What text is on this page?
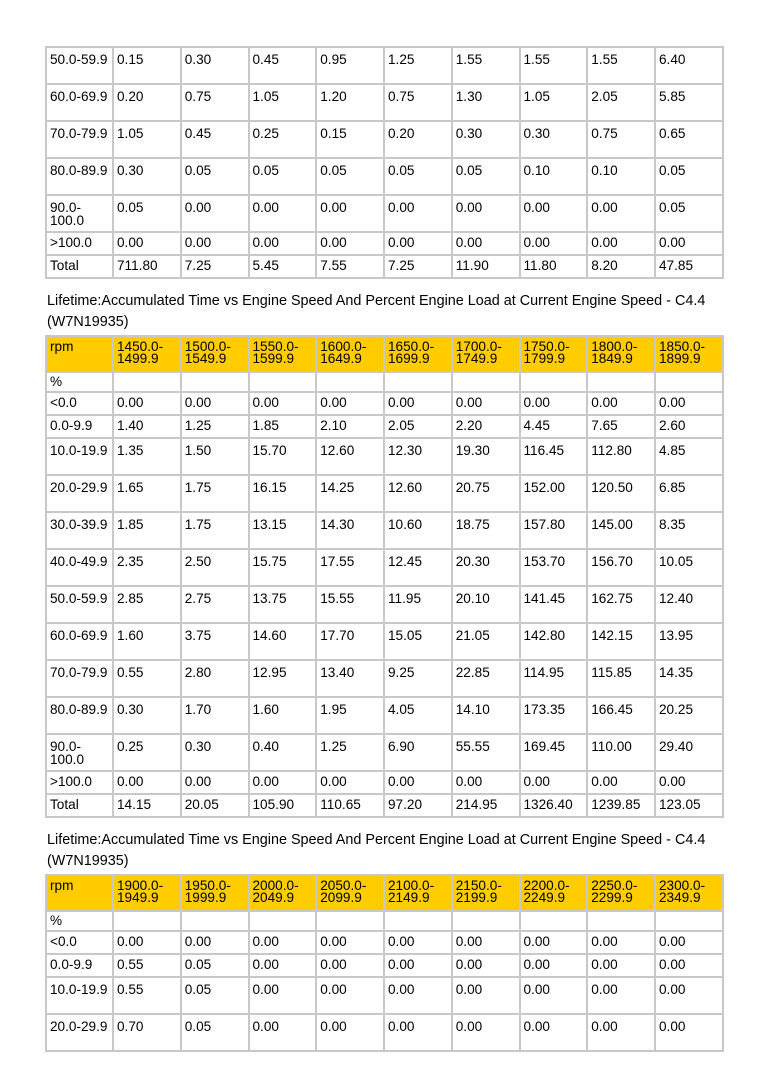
50.0-59.9	0.15	0.30	0.45	0.95	1.25	1.55	1.55	1.55	6.40
60.0-69.9	0.20	0.75	1.05	1.20	0.75	1.30	1.05	2.05	5.85
70.0-79.9	1.05	0.45	0.25	0.15	0.20	0.30	0.30	0.75	0.65
80.0-89.9	0.30	0.05	0.05	0.05	0.05	0.05	0.10	0.10	0.05
90.0-100.0	0.05	0.00	0.00	0.00	0.00	0.00	0.00	0.00	0.05
>100.0	0.00	0.00	0.00	0.00	0.00	0.00	0.00	0.00	0.00
Total	711.80	7.25	5.45	7.55	7.25	11.90	11.80	8.20	47.85
Lifetime:Accumulated Time vs Engine Speed And Percent Engine Load at Current Engine Speed - C4.4 (W7N19935)
rpm	1450.0-1499.9	1500.0-1549.9	1550.0-1599.9	1600.0-1649.9	1650.0-1699.9	1700.0-1749.9	1750.0-1799.9	1800.0-1849.9	1850.0-1899.9
%									
<0.0	0.00	0.00	0.00	0.00	0.00	0.00	0.00	0.00	0.00
0.0-9.9	1.40	1.25	1.85	2.10	2.05	2.20	4.45	7.65	2.60
10.0-19.9	1.35	1.50	15.70	12.60	12.30	19.30	116.45	112.80	4.85
20.0-29.9	1.65	1.75	16.15	14.25	12.60	20.75	152.00	120.50	6.85
30.0-39.9	1.85	1.75	13.15	14.30	10.60	18.75	157.80	145.00	8.35
40.0-49.9	2.35	2.50	15.75	17.55	12.45	20.30	153.70	156.70	10.05
50.0-59.9	2.85	2.75	13.75	15.55	11.95	20.10	141.45	162.75	12.40
60.0-69.9	1.60	3.75	14.60	17.70	15.05	21.05	142.80	142.15	13.95
70.0-79.9	0.55	2.80	12.95	13.40	9.25	22.85	114.95	115.85	14.35
80.0-89.9	0.30	1.70	1.60	1.95	4.05	14.10	173.35	166.45	20.25
90.0-100.0	0.25	0.30	0.40	1.25	6.90	55.55	169.45	110.00	29.40
>100.0	0.00	0.00	0.00	0.00	0.00	0.00	0.00	0.00	0.00
Total	14.15	20.05	105.90	110.65	97.20	214.95	1326.40	1239.85	123.05
Lifetime:Accumulated Time vs Engine Speed And Percent Engine Load at Current Engine Speed - C4.4 (W7N19935)
rpm	1900.0-1949.9	1950.0-1999.9	2000.0-2049.9	2050.0-2099.9	2100.0-2149.9	2150.0-2199.9	2200.0-2249.9	2250.0-2299.9	2300.0-2349.9
%									
<0.0	0.00	0.00	0.00	0.00	0.00	0.00	0.00	0.00	0.00
0.0-9.9	0.55	0.05	0.00	0.00	0.00	0.00	0.00	0.00	0.00
10.0-19.9	0.55	0.05	0.00	0.00	0.00	0.00	0.00	0.00	0.00
20.0-29.9	0.70	0.05	0.00	0.00	0.00	0.00	0.00	0.00	0.00
